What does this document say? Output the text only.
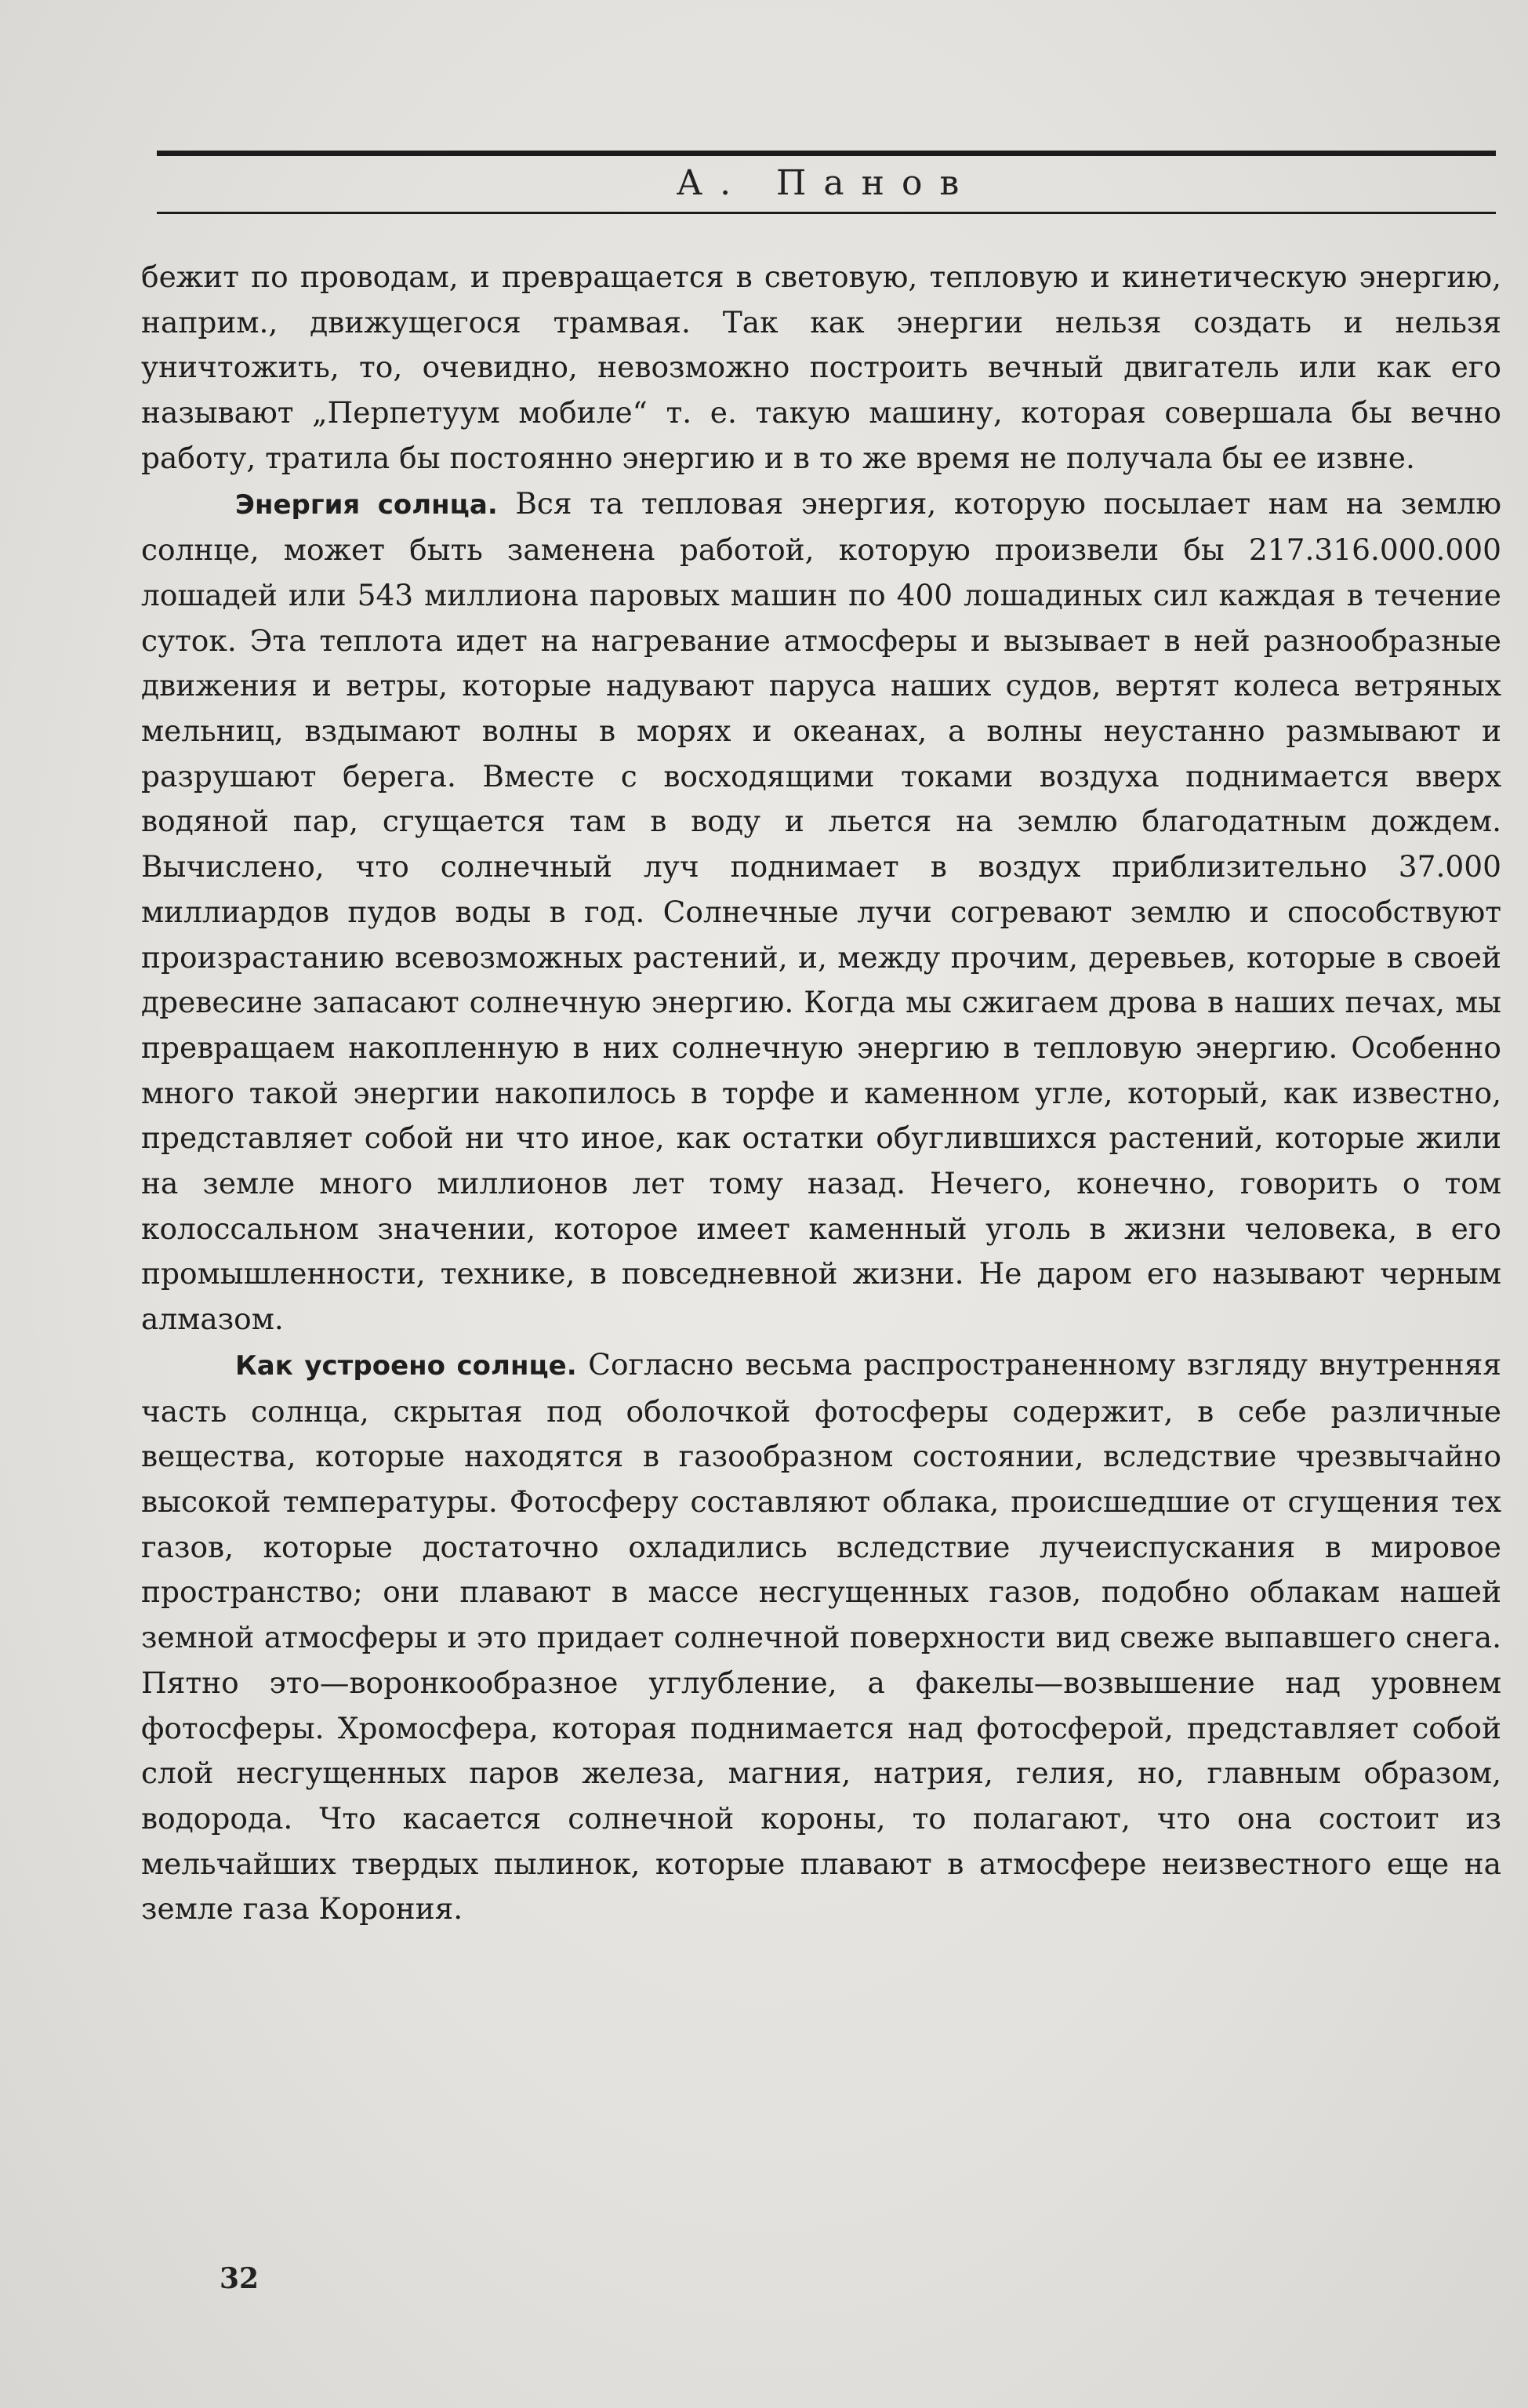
А. Панов

бежит по проводам, и превращается в световую, тепловую и кинетическую энергию, наприм., движущегося трамвая. Так как энергии нельзя создать и нельзя уничтожить, то, очевидно, невозможно построить вечный двигатель или как его называют „Перпетуум мобиле“ т. е. такую машину, которая совершала бы вечно работу, тратила бы постоянно энергию и в то же время не получала бы ее извне.

Энергия солнца. Вся та тепловая энергия, которую посылает нам на землю солнце, может быть заменена работой, которую произвели бы 217.316.000.000 лошадей или 543 миллиона паровых машин по 400 лошадиных сил каждая в течение суток. Эта теплота идет на нагревание атмосферы и вызывает в ней разнообразные движения и ветры, которые надувают паруса наших судов, вертят колеса ветряных мельниц, вздымают волны в морях и океанах, а волны неустанно размывают и разрушают берега. Вместе с восходящими токами воздуха поднимается вверх водяной пар, сгущается там в воду и льется на землю благодатным дождем. Вычислено, что солнечный луч поднимает в воздух приблизительно 37.000 миллиардов пудов воды в год. Солнечные лучи согревают землю и способствуют произрастанию всевозможных растений, и, между прочим, деревьев, которые в своей древесине запасают солнечную энергию. Когда мы сжигаем дрова в наших печах, мы превращаем накопленную в них солнечную энергию в тепловую энергию. Особенно много такой энергии накопилось в торфе и каменном угле, который, как известно, представляет собой ни что иное, как остатки обуглившихся растений, которые жили на земле много миллионов лет тому назад. Нечего, конечно, говорить о том колоссальном значении, которое имеет каменный уголь в жизни человека, в его промышленности, технике, в повседневной жизни. Не даром его называют черным алмазом.

Как устроено солнце. Согласно весьма распространенному взгляду внутренняя часть солнца, скрытая под оболочкой фотосферы содержит, в себе различные вещества, которые находятся в газообразном состоянии, вследствие чрезвычайно высокой температуры. Фотосферу составляют облака, происшедшие от сгущения тех газов, которые достаточно охладились вследствие лучеиспускания в мировое пространство; они плавают в массе несгущенных газов, подобно облакам нашей земной атмосферы и это придает солнечной поверхности вид свеже выпавшего снега. Пятно это—воронкообразное углубление, а факелы—возвышение над уровнем фотосферы. Хромосфера, которая поднимается над фотосферой, представляет собой слой несгущенных паров железа, магния, натрия, гелия, но, главным образом, водорода. Что касается солнечной короны, то полагают, что она состоит из мельчайших твердых пылинок, которые плавают в атмосфере неизвестного еще на земле газа Корония.

32
